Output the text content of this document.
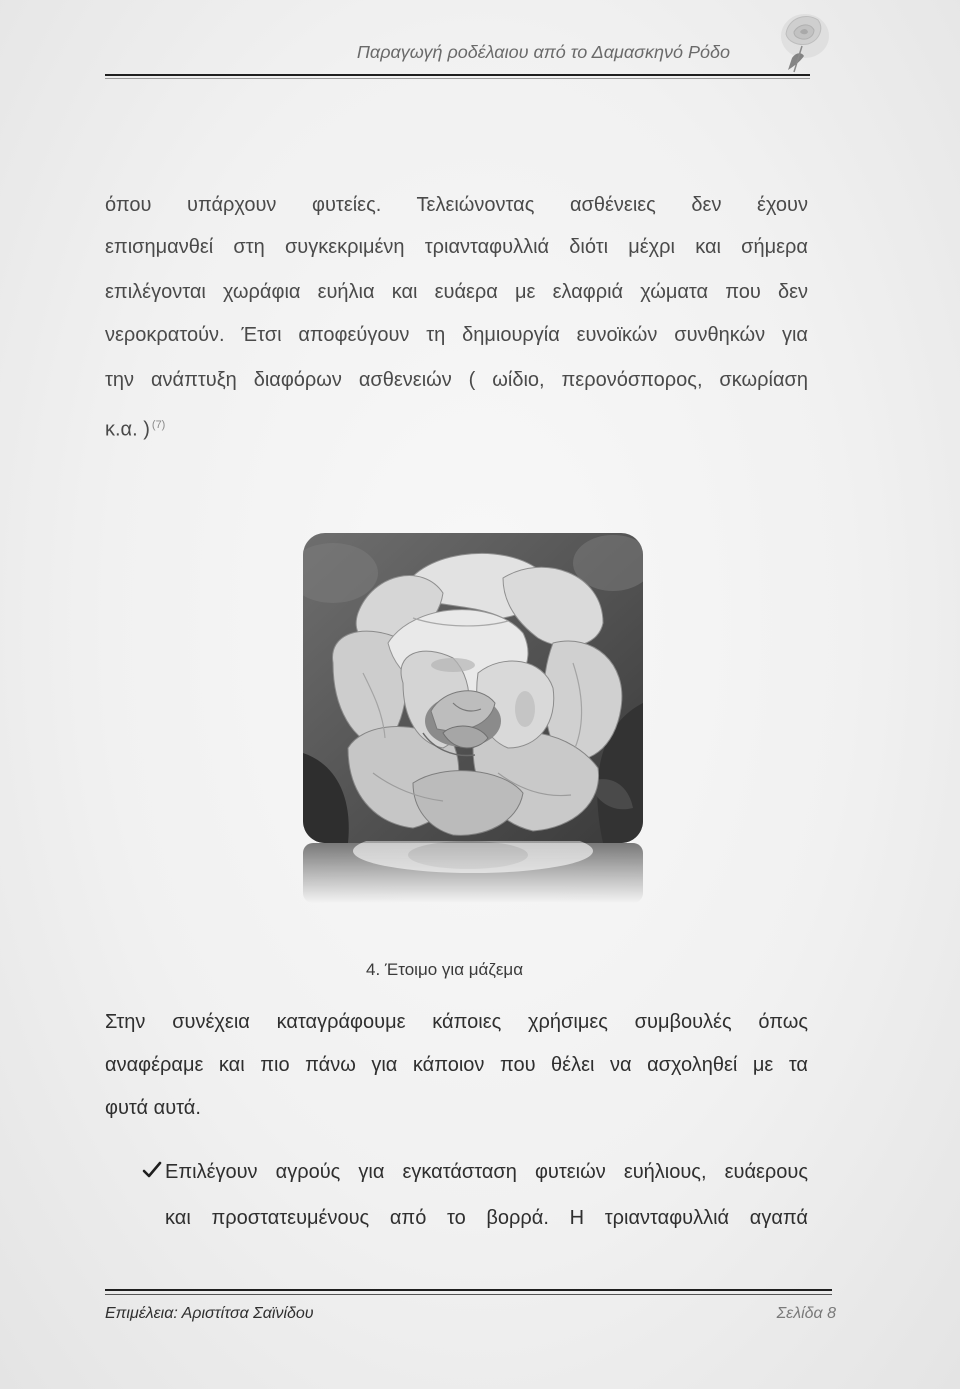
Παραγωγή ροδέλαιου από το Δαμασκηνό Ρόδο
όπου υπάρχουν φυτείες. Τελειώνοντας ασθένειες δεν έχουν
επισημανθεί στη συγκεκριμένη τριανταφυλλιά διότι μέχρι και σήμερα
επιλέγονται χωράφια ευήλια και ευάερα με ελαφριά χώματα που δεν
νεροκρατούν. Έτσι αποφεύγουν τη δημιουργία ευνοϊκών συνθηκών για
την ανάπτυξη διαφόρων ασθενειών ( ωίδιο, περονόσπορος, σκωρίαση
κ.α. ) $^{(7)}$
4. Έτοιμο για μάζεμα
Στην συνέχεια καταγράφουμε κάποιες χρήσιμες συμβουλές όπως
αναφέραμε και πιο πάνω για κάποιον που θέλει να ασχοληθεί με τα
φυτά αυτά.
Επιλέγουν αγρούς για εγκατάσταση φυτειών ευήλιους, ευάερους
και προστατευμένους από το βορρά. Η τριανταφυλλιά αγαπά
Επιμέλεια: Αριστίτσα Σαϊνίδου	Σελίδα 8
